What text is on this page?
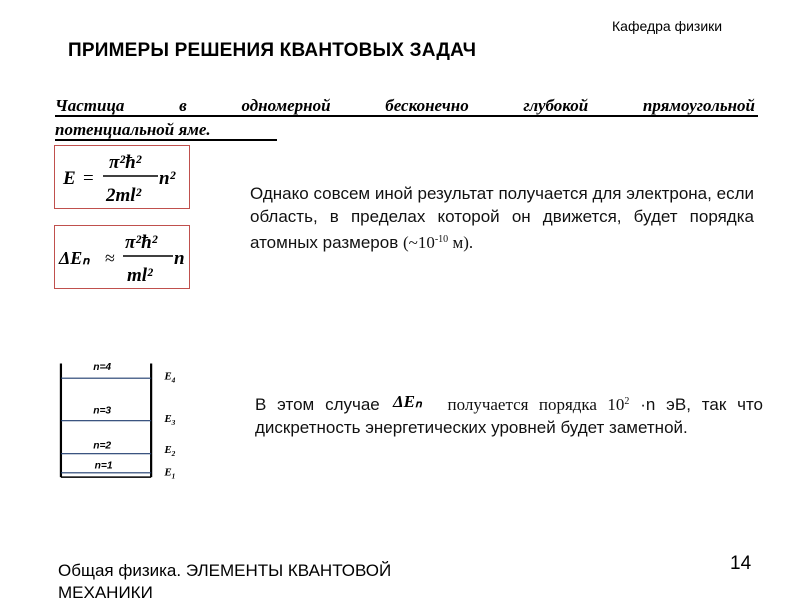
Кафедра физики
ПРИМЕРЫ РЕШЕНИЯ КВАНТОВЫХ ЗАДАЧ
Частица в одномерной бесконечно глубокой прямоугольной
потенциальной яме.
E =
π²ħ²
2ml²
n²
ΔEₙ ≈
π²ħ²
ml²
n
Однако совсем иной результат получается для электрона, если область, в пределах которой он движется, будет порядка атомных размеров ($\sim 10^{-10}$ м).
В этом случае ΔEₙ получается порядка $10^2 \cdot n$ эВ, так что дискретность энергетических уровней будет заметной.
n=4
n=3
n=2
n=1
$E_4$
$E_3$
$E_2$
$E_1$
Общая физика. ЭЛЕМЕНТЫ КВАНТОВОЙ
МЕХАНИКИ
14
